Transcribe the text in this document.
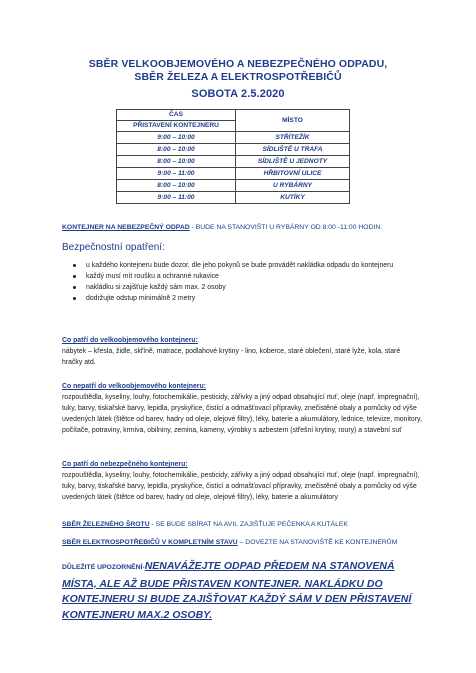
SBĚR VELKOOBJEMOVÉHO A NEBEZPEČNÉHO ODPADU,
SBĚR ŽELEZA A ELEKTROSPOTŘEBIČŮ
SOBOTA 2.5.2020
ČAS	MÍSTO
PŘISTAVENÍ KONTEJNERU	
9:00 – 10:00	STŘÍTEŽÍK
8:00 – 10:00	SÍDLIŠTĚ U TRAFA
8:00 – 10:00	SÍDLIŠTĚ U JEDNOTY
9:00 – 11:00	HŘBITOVNÍ ULICE
8:00 – 10:00	U RYBÁRNY
9:00 – 11:00	KUTÍKY
KONTEJNER NA NEBEZPEČNÝ ODPAD - BUDE NA STANOVIŠTI U RYBÁRNY OD 8:00 -11:00 HODIN.
Bezpečnostní opatření:
u každého kontejneru bude dozor, dle jeho pokynů se bude provádět nakládka odpadu do kontejneru
každý musí mít roušku a ochranné rukavice
nakládku si zajišťuje každý sám max. 2 osoby
dodržujte odstup minimálně 2 metry
Co patří do velkoobjemového kontejneru:
nábytek – křesla, židle, skříně, matrace, podlahové krytiny - lino, koberce, staré oblečení, staré lyže, kola, staré hračky atd.
Co nepatří do velkoobjemového kontejneru:
rozpouštědla, kyseliny, louhy, fotochemikálie, pesticidy, zářivky a jiný odpad obsahující rtuť, oleje (např. impregnační), tuky, barvy, tiskařské barvy, lepidla, pryskyřice, čistící a odmašťovací přípravky, znečistěné obaly a pomůcky od výše uvedených látek (štětce od barev, hadry od oleje, olejové filtry), léky, baterie a akumulátory, lednice, televize, monitory, počítače, potraviny, krmiva, obilniny, zemina, kameny, výrobky s azbestem (střešní krytiny, roury) a stavební suť
Co patří do nebezpečného kontejneru:
rozpouštědla, kyseliny, louhy, fotochemikálie, pesticidy, zářivky a jiný odpad obsahující rtuť, oleje (např. impregnační), tuky, barvy, tiskařské barvy, lepidla, pryskyřice, čistící a odmašťovací přípravky, znečistěné obaly a pomůcky od výše uvedených látek (štětce od barev, hadry od oleje, olejové filtry), léky, baterie a akumulátory
SBĚR ŽELEZNÉHO ŠROTU - SE BUDE SBÍRAT NA AVII, ZAJIŠŤUJE PEČENKA A KUTÁLEK
SBĚR ELEKTROSPOTŘEBIČŮ V KOMPLETNÍM STAVU – DOVEZTE NA STANOVIŠTĚ KE KONTEJNERŮM
DŮLEŽITÉ UPOZORNĚNÍ-NENAVÁŽEJTE ODPAD PŘEDEM NA STANOVENÁ MÍSTA, ALE AŽ BUDE PŘISTAVEN KONTEJNER. NAKLÁDKU DO KONTEJNERU SI BUDE ZAJIŠŤOVAT KAŽDÝ SÁM V DEN PŘISTAVENÍ KONTEJNERU MAX.2 OSOBY.
